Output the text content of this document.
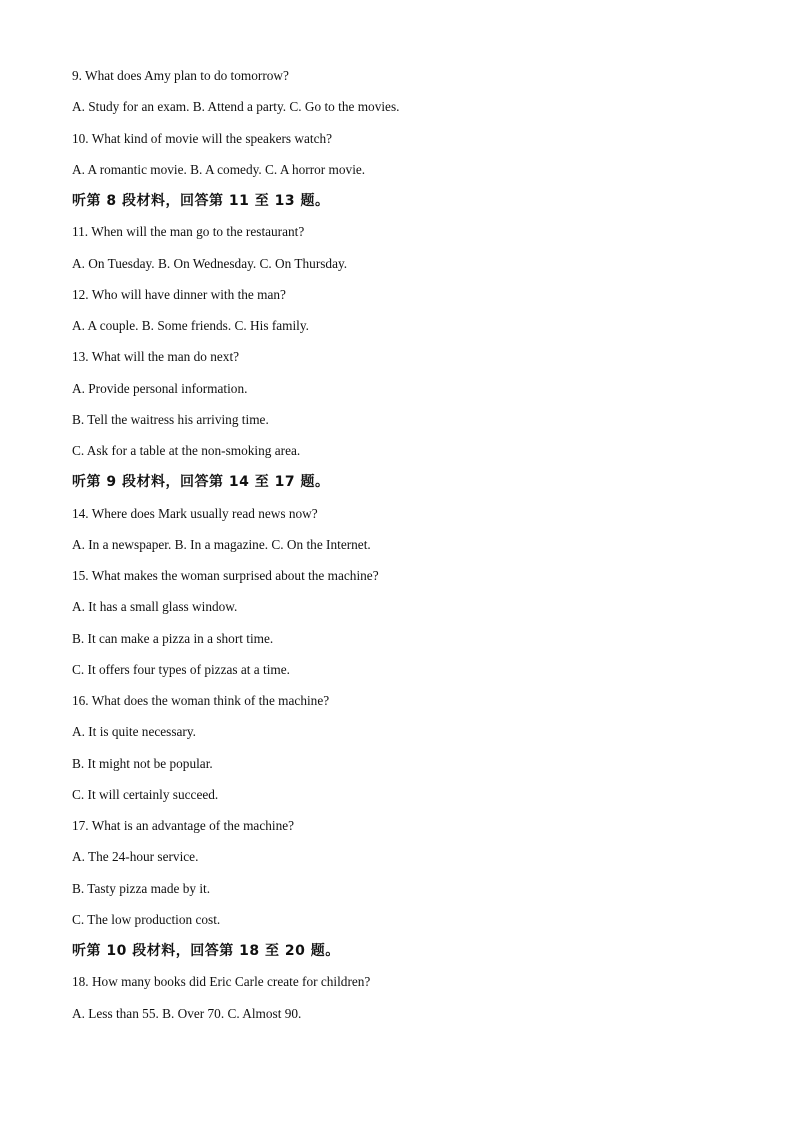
9. What does Amy plan to do tomorrow?
A. Study for an exam. B. Attend a party. C. Go to the movies.
10. What kind of movie will the speakers watch?
A. A romantic movie. B. A comedy. C. A horror movie.
听第 8 段材料，回答第 11 至 13 题。
11. When will the man go to the restaurant?
A. On Tuesday. B. On Wednesday. C. On Thursday.
12. Who will have dinner with the man?
A. A couple. B. Some friends. C. His family.
13. What will the man do next?
A. Provide personal information.
B. Tell the waitress his arriving time.
C. Ask for a table at the non-smoking area.
听第 9 段材料，回答第 14 至 17 题。
14. Where does Mark usually read news now?
A. In a newspaper. B. In a magazine. C. On the Internet.
15. What makes the woman surprised about the machine?
A. It has a small glass window.
B. It can make a pizza in a short time.
C. It offers four types of pizzas at a time.
16. What does the woman think of the machine?
A. It is quite necessary.
B. It might not be popular.
C. It will certainly succeed.
17. What is an advantage of the machine?
A. The 24-hour service.
B. Tasty pizza made by it.
C. The low production cost.
听第 10 段材料，回答第 18 至 20 题。
18. How many books did Eric Carle create for children?
A. Less than 55. B. Over 70. C. Almost 90.
